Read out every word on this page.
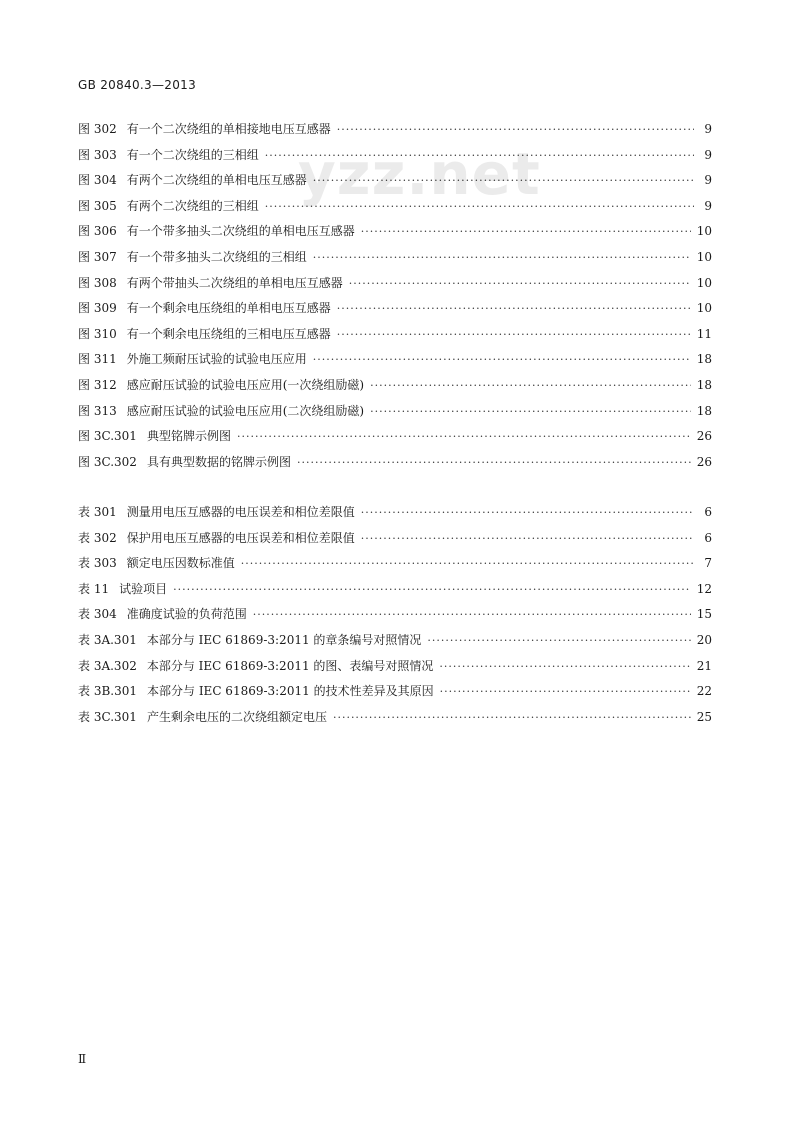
GB 20840.3—2013
yzz.net
图 302 有一个二次绕组的单相接地电压互感器 ·····	9
图 303 有一个二次绕组的三相组 ·····	9
图 304 有两个二次绕组的单相电压互感器 ·····	9
图 305 有两个二次绕组的三相组 ·····	9
图 306 有一个带多抽头二次绕组的单相电压互感器 ·····	10
图 307 有一个带多抽头二次绕组的三相组 ·····	10
图 308 有两个带抽头二次绕组的单相电压互感器 ·····	10
图 309 有一个剩余电压绕组的单相电压互感器 ·····	10
图 310 有一个剩余电压绕组的三相电压互感器 ·····	11
图 311 外施工频耐压试验的试验电压应用 ·····	18
图 312 感应耐压试验的试验电压应用(一次绕组励磁) ·····	18
图 313 感应耐压试验的试验电压应用(二次绕组励磁) ·····	18
图 3C.301 典型铭牌示例图 ·····	26
图 3C.302 具有典型数据的铭牌示例图 ·····	26
表 301 测量用电压互感器的电压误差和相位差限值 ·····	6
表 302 保护用电压互感器的电压误差和相位差限值 ·····	6
表 303 额定电压因数标准值 ·····	7
表 11 试验项目 ·····	12
表 304 准确度试验的负荷范围 ·····	15
表 3A.301 本部分与 IEC 61869-3:2011 的章条编号对照情况 ·····	20
表 3A.302 本部分与 IEC 61869-3:2011 的图、表编号对照情况 ·····	21
表 3B.301 本部分与 IEC 61869-3:2011 的技术性差异及其原因 ·····	22
表 3C.301 产生剩余电压的二次绕组额定电压 ·····	25
Ⅱ
